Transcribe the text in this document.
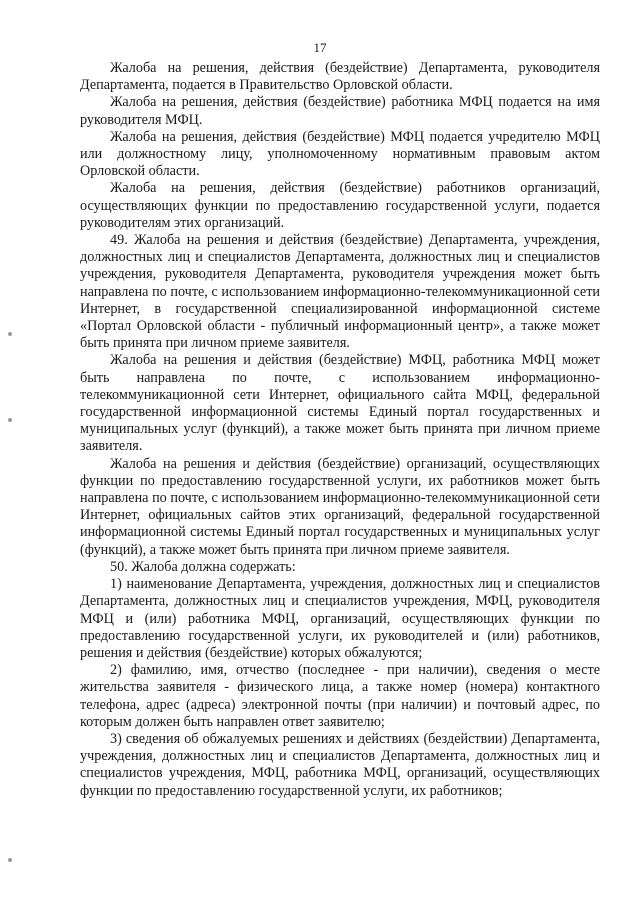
17

Жалоба на решения, действия (бездействие) Департамента, руководителя Департамента, подается в Правительство Орловской области.

Жалоба на решения, действия (бездействие) работника МФЦ подается на имя руководителя МФЦ.

Жалоба на решения, действия (бездействие) МФЦ подается учредителю МФЦ или должностному лицу, уполномоченному нормативным правовым актом Орловской области.

Жалоба на решения, действия (бездействие) работников организаций, осуществляющих функции по предоставлению государственной услуги, подается руководителям этих организаций.

49. Жалоба на решения и действия (бездействие) Департамента, учреждения, должностных лиц и специалистов Департамента, должностных лиц и специалистов учреждения, руководителя Департамента, руководителя учреждения может быть направлена по почте, с использованием информационно-телекоммуникационной сети Интернет, в государственной специализированной информационной системе «Портал Орловской области - публичный информационный центр», а также может быть принята при личном приеме заявителя.

Жалоба на решения и действия (бездействие) МФЦ, работника МФЦ может быть направлена по почте, с использованием информационно-телекоммуникационной сети Интернет, официального сайта МФЦ, федеральной государственной информационной системы Единый портал государственных и муниципальных услуг (функций), а также может быть принята при личном приеме заявителя.

Жалоба на решения и действия (бездействие) организаций, осуществляющих функции по предоставлению государственной услуги, их работников может быть направлена по почте, с использованием информационно-телекоммуникационной сети Интернет, официальных сайтов этих организаций, федеральной государственной информационной системы Единый портал государственных и муниципальных услуг (функций), а также может быть принята при личном приеме заявителя.

50. Жалоба должна содержать:

1) наименование Департамента, учреждения, должностных лиц и специалистов Департамента, должностных лиц и специалистов учреждения, МФЦ, руководителя МФЦ и (или) работника МФЦ, организаций, осуществляющих функции по предоставлению государственной услуги, их руководителей и (или) работников, решения и действия (бездействие) которых обжалуются;

2) фамилию, имя, отчество (последнее - при наличии), сведения о месте жительства заявителя - физического лица, а также номер (номера) контактного телефона, адрес (адреса) электронной почты (при наличии) и почтовый адрес, по которым должен быть направлен ответ заявителю;

3) сведения об обжалуемых решениях и действиях (бездействии) Департамента, учреждения, должностных лиц и специалистов Департамента, должностных лиц и специалистов учреждения, МФЦ, работника МФЦ, организаций, осуществляющих функции по предоставлению государственной услуги, их работников;
